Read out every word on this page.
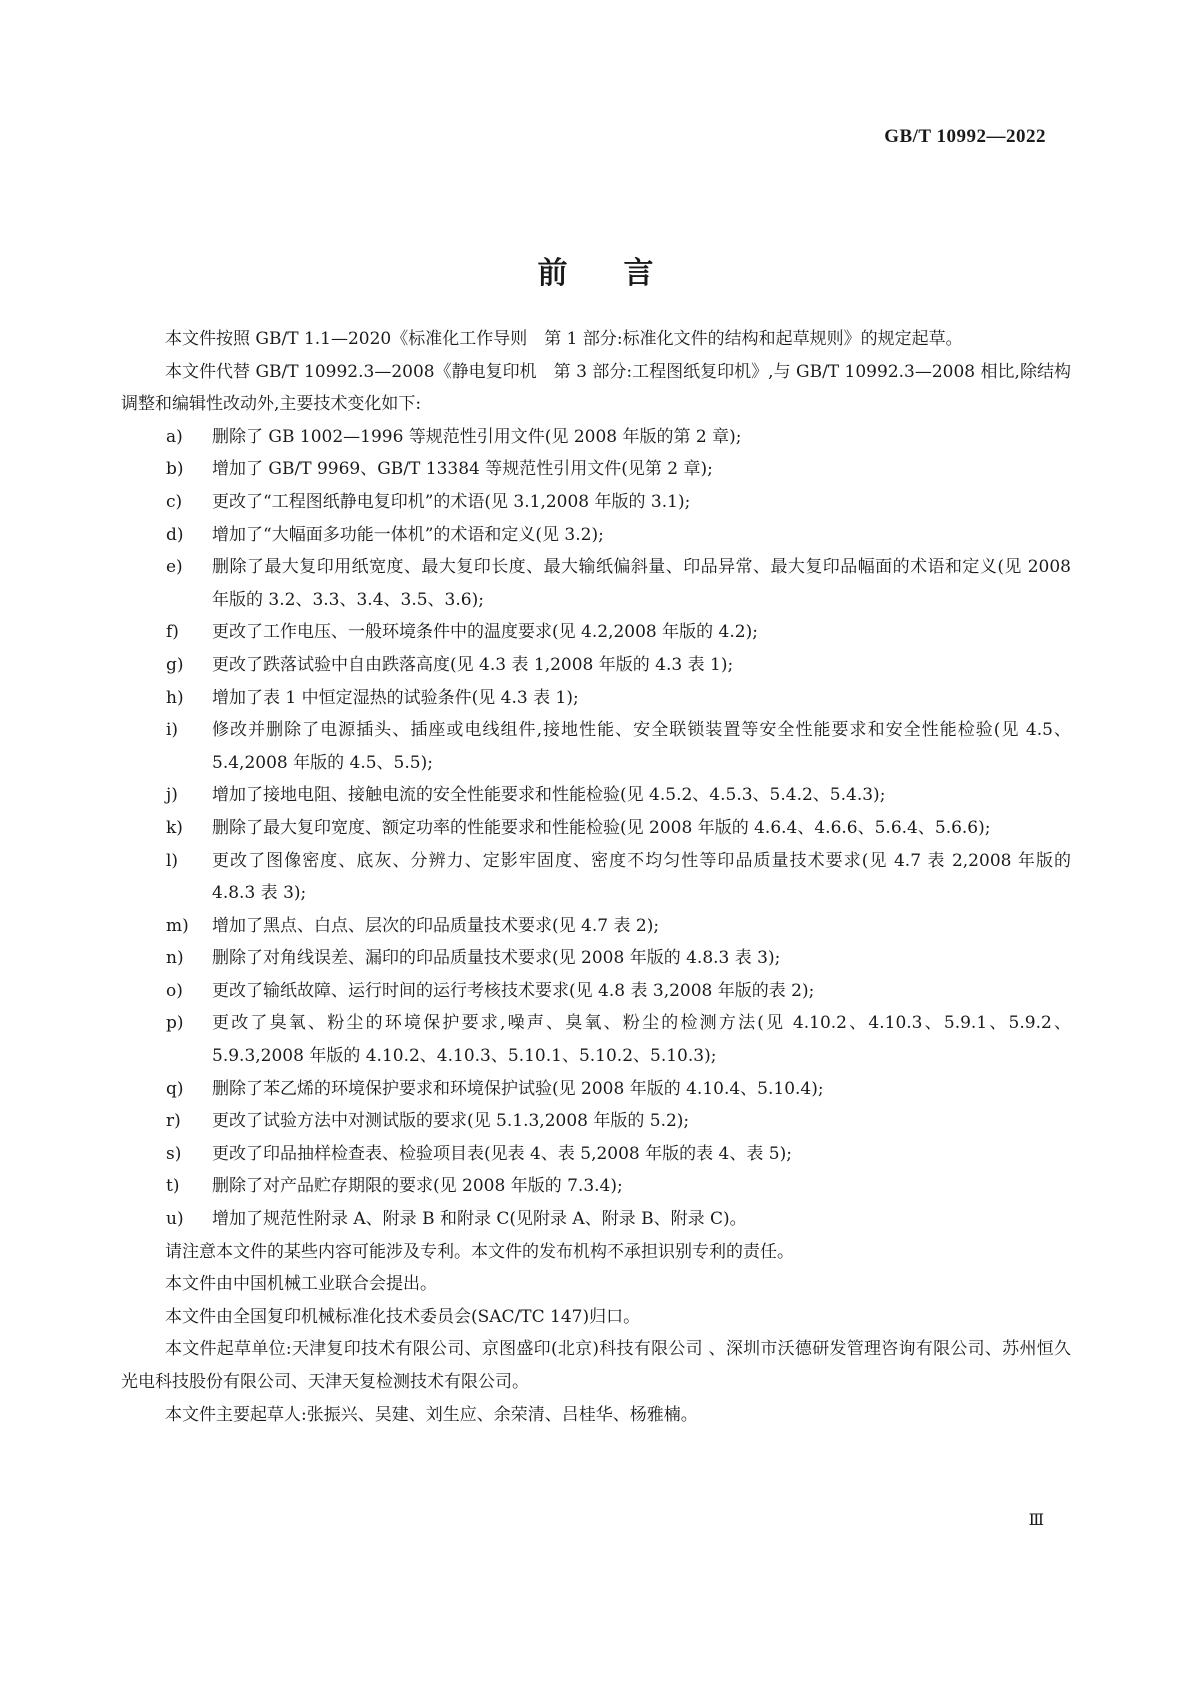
GB/T 10992—2022
前言

本文件按照 GB/T 1.1—2020《标准化工作导则　第 1 部分:标准化文件的结构和起草规则》的规定起草。

本文件代替 GB/T 10992.3—2008《静电复印机　第 3 部分:工程图纸复印机》,与 GB/T 10992.3—2008 相比,除结构调整和编辑性改动外,主要技术变化如下:

a) 删除了 GB 1002—1996 等规范性引用文件(见 2008 年版的第 2 章);
b) 增加了 GB/T 9969、GB/T 13384 等规范性引用文件(见第 2 章);
c) 更改了“工程图纸静电复印机”的术语(见 3.1,2008 年版的 3.1);
d) 增加了“大幅面多功能一体机”的术语和定义(见 3.2);
e) 删除了最大复印用纸宽度、最大复印长度、最大输纸偏斜量、印品异常、最大复印品幅面的术语和定义(见 2008 年版的 3.2、3.3、3.4、3.5、3.6);
f) 更改了工作电压、一般环境条件中的温度要求(见 4.2,2008 年版的 4.2);
g) 更改了跌落试验中自由跌落高度(见 4.3 表 1,2008 年版的 4.3 表 1);
h) 增加了表 1 中恒定湿热的试验条件(见 4.3 表 1);
i) 修改并删除了电源插头、插座或电线组件,接地性能、安全联锁装置等安全性能要求和安全性能检验(见 4.5、5.4,2008 年版的 4.5、5.5);
j) 增加了接地电阻、接触电流的安全性能要求和性能检验(见 4.5.2、4.5.3、5.4.2、5.4.3);
k) 删除了最大复印宽度、额定功率的性能要求和性能检验(见 2008 年版的 4.6.4、4.6.6、5.6.4、5.6.6);
l) 更改了图像密度、底灰、分辨力、定影牢固度、密度不均匀性等印品质量技术要求(见 4.7 表 2,2008 年版的 4.8.3 表 3);
m) 增加了黑点、白点、层次的印品质量技术要求(见 4.7 表 2);
n) 删除了对角线误差、漏印的印品质量技术要求(见 2008 年版的 4.8.3 表 3);
o) 更改了输纸故障、运行时间的运行考核技术要求(见 4.8 表 3,2008 年版的表 2);
p) 更改了臭氧、粉尘的环境保护要求,噪声、臭氧、粉尘的检测方法(见 4.10.2、4.10.3、5.9.1、5.9.2、5.9.3,2008 年版的 4.10.2、4.10.3、5.10.1、5.10.2、5.10.3);
q) 删除了苯乙烯的环境保护要求和环境保护试验(见 2008 年版的 4.10.4、5.10.4);
r) 更改了试验方法中对测试版的要求(见 5.1.3,2008 年版的 5.2);
s) 更改了印品抽样检查表、检验项目表(见表 4、表 5,2008 年版的表 4、表 5);
t) 删除了对产品贮存期限的要求(见 2008 年版的 7.3.4);
u) 增加了规范性附录 A、附录 B 和附录 C(见附录 A、附录 B、附录 C)。

请注意本文件的某些内容可能涉及专利。本文件的发布机构不承担识别专利的责任。

本文件由中国机械工业联合会提出。

本文件由全国复印机械标准化技术委员会(SAC/TC 147)归口。

本文件起草单位:天津复印技术有限公司、京图盛印(北京)科技有限公司 、深圳市沃德研发管理咨询有限公司、苏州恒久光电科技股份有限公司、天津天复检测技术有限公司。

本文件主要起草人:张振兴、吴建、刘生应、余荣清、吕桂华、杨雅楠。

Ⅲ
